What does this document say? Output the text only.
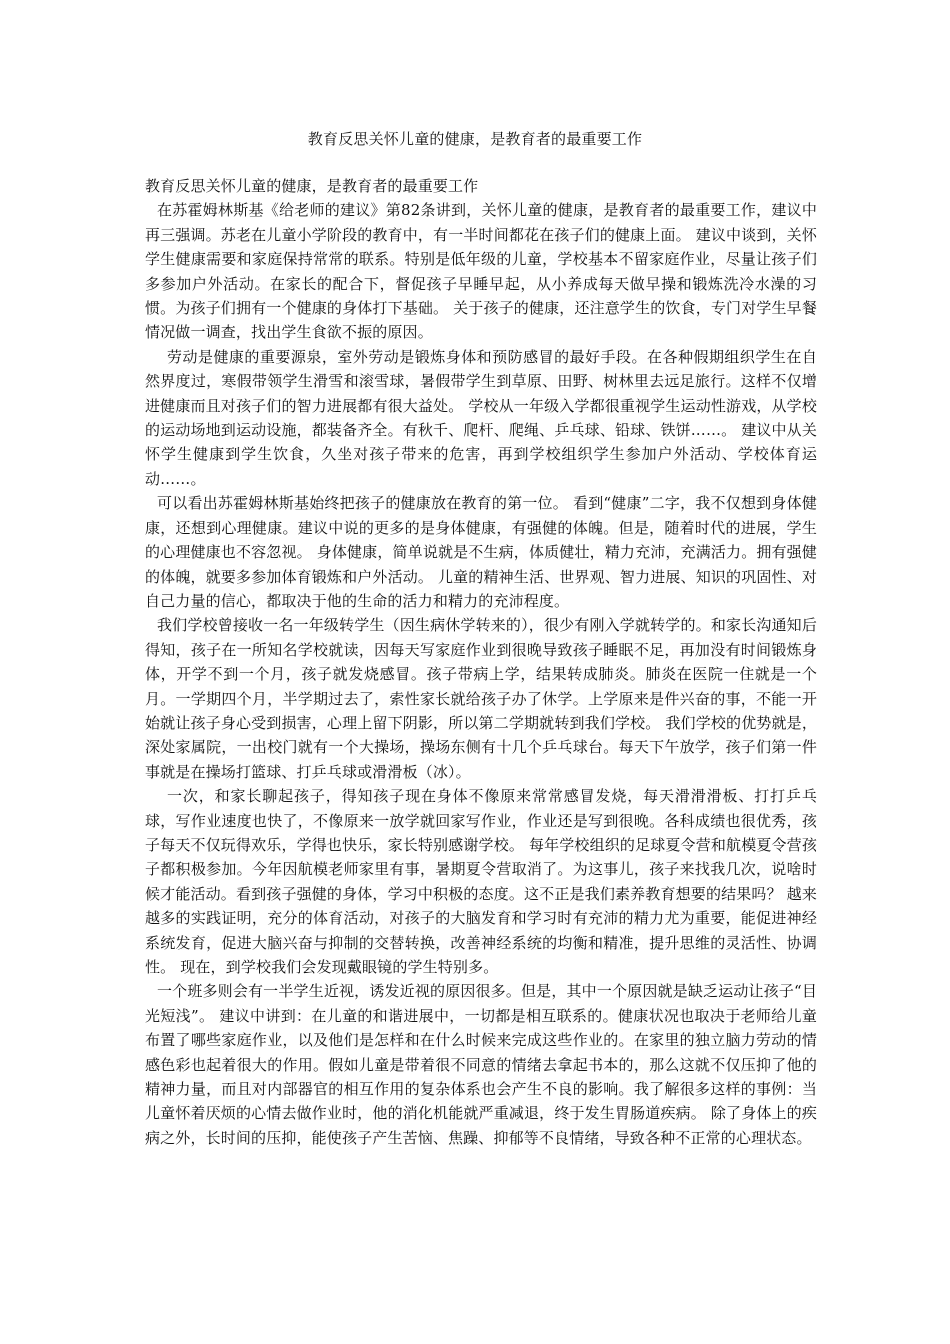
教育反思关怀儿童的健康，是教育者的最重要工作

教育反思关怀儿童的健康，是教育者的最重要工作

在苏霍姆林斯基《给老师的建议》第82条讲到，关怀儿童的健康，是教育者的最重要工作，建议中再三强调。苏老在儿童小学阶段的教育中，有一半时间都花在孩子们的健康上面。 建议中谈到，关怀学生健康需要和家庭保持常常的联系。特别是低年级的儿童，学校基本不留家庭作业，尽量让孩子们多参加户外活动。在家长的配合下，督促孩子早睡早起，从小养成每天做早操和锻炼洗冷水澡的习惯。为孩子们拥有一个健康的身体打下基础。 关于孩子的健康，还注意学生的饮食，专门对学生早餐情况做一调查，找出学生食欲不振的原因。

劳动是健康的重要源泉，室外劳动是锻炼身体和预防感冒的最好手段。在各种假期组织学生在自然界度过，寒假带领学生滑雪和滚雪球，暑假带学生到草原、田野、树林里去远足旅行。这样不仅增进健康而且对孩子们的智力进展都有很大益处。 学校从一年级入学都很重视学生运动性游戏，从学校的运动场地到运动设施，都装备齐全。有秋千、爬杆、爬绳、乒乓球、铅球、铁饼……。 建议中从关怀学生健康到学生饮食，久坐对孩子带来的危害，再到学校组织学生参加户外活动、学校体育运动……。

可以看出苏霍姆林斯基始终把孩子的健康放在教育的第一位。 看到“健康”二字，我不仅想到身体健康，还想到心理健康。建议中说的更多的是身体健康，有强健的体魄。但是，随着时代的进展，学生的心理健康也不容忽视。 身体健康，简单说就是不生病，体质健壮，精力充沛，充满活力。拥有强健的体魄，就要多参加体育锻炼和户外活动。 儿童的精神生活、世界观、智力进展、知识的巩固性、对自己力量的信心，都取决于他的生命的活力和精力的充沛程度。

我们学校曾接收一名一年级转学生（因生病休学转来的），很少有刚入学就转学的。和家长沟通知后得知，孩子在一所知名学校就读，因每天写家庭作业到很晚导致孩子睡眠不足，再加没有时间锻炼身体，开学不到一个月，孩子就发烧感冒。孩子带病上学，结果转成肺炎。肺炎在医院一住就是一个月。一学期四个月，半学期过去了，索性家长就给孩子办了休学。上学原来是件兴奋的事，不能一开始就让孩子身心受到损害，心理上留下阴影，所以第二学期就转到我们学校。 我们学校的优势就是，深处家属院，一出校门就有一个大操场，操场东侧有十几个乒乓球台。每天下午放学，孩子们第一件事就是在操场打篮球、打乒乓球或滑滑板（冰）。

一次，和家长聊起孩子，得知孩子现在身体不像原来常常感冒发烧，每天滑滑滑板、打打乒乓球，写作业速度也快了，不像原来一放学就回家写作业，作业还是写到很晚。各科成绩也很优秀，孩子每天不仅玩得欢乐，学得也快乐，家长特别感谢学校。 每年学校组织的足球夏令营和航模夏令营孩子都积极参加。今年因航模老师家里有事，暑期夏令营取消了。为这事儿，孩子来找我几次，说啥时候才能活动。看到孩子强健的身体，学习中积极的态度。这不正是我们素养教育想要的结果吗？ 越来越多的实践证明，充分的体育活动，对孩子的大脑发育和学习时有充沛的精力尤为重要，能促进神经系统发育，促进大脑兴奋与抑制的交替转换，改善神经系统的均衡和精准，提升思维的灵活性、协调性。 现在，到学校我们会发现戴眼镜的学生特别多。

一个班多则会有一半学生近视，诱发近视的原因很多。但是，其中一个原因就是缺乏运动让孩子“目光短浅”。 建议中讲到：在儿童的和谐进展中，一切都是相互联系的。健康状况也取决于老师给儿童布置了哪些家庭作业，以及他们是怎样和在什么时候来完成这些作业的。在家里的独立脑力劳动的情感色彩也起着很大的作用。假如儿童是带着很不同意的情绪去拿起书本的，那么这就不仅压抑了他的精神力量，而且对内部器官的相互作用的复杂体系也会产生不良的影响。我了解很多这样的事例：当儿童怀着厌烦的心情去做作业时，他的消化机能就严重减退，终于发生胃肠道疾病。 除了身体上的疾病之外，长时间的压抑，能使孩子产生苦恼、焦躁、抑郁等不良情绪，导致各种不正常的心理状态。
